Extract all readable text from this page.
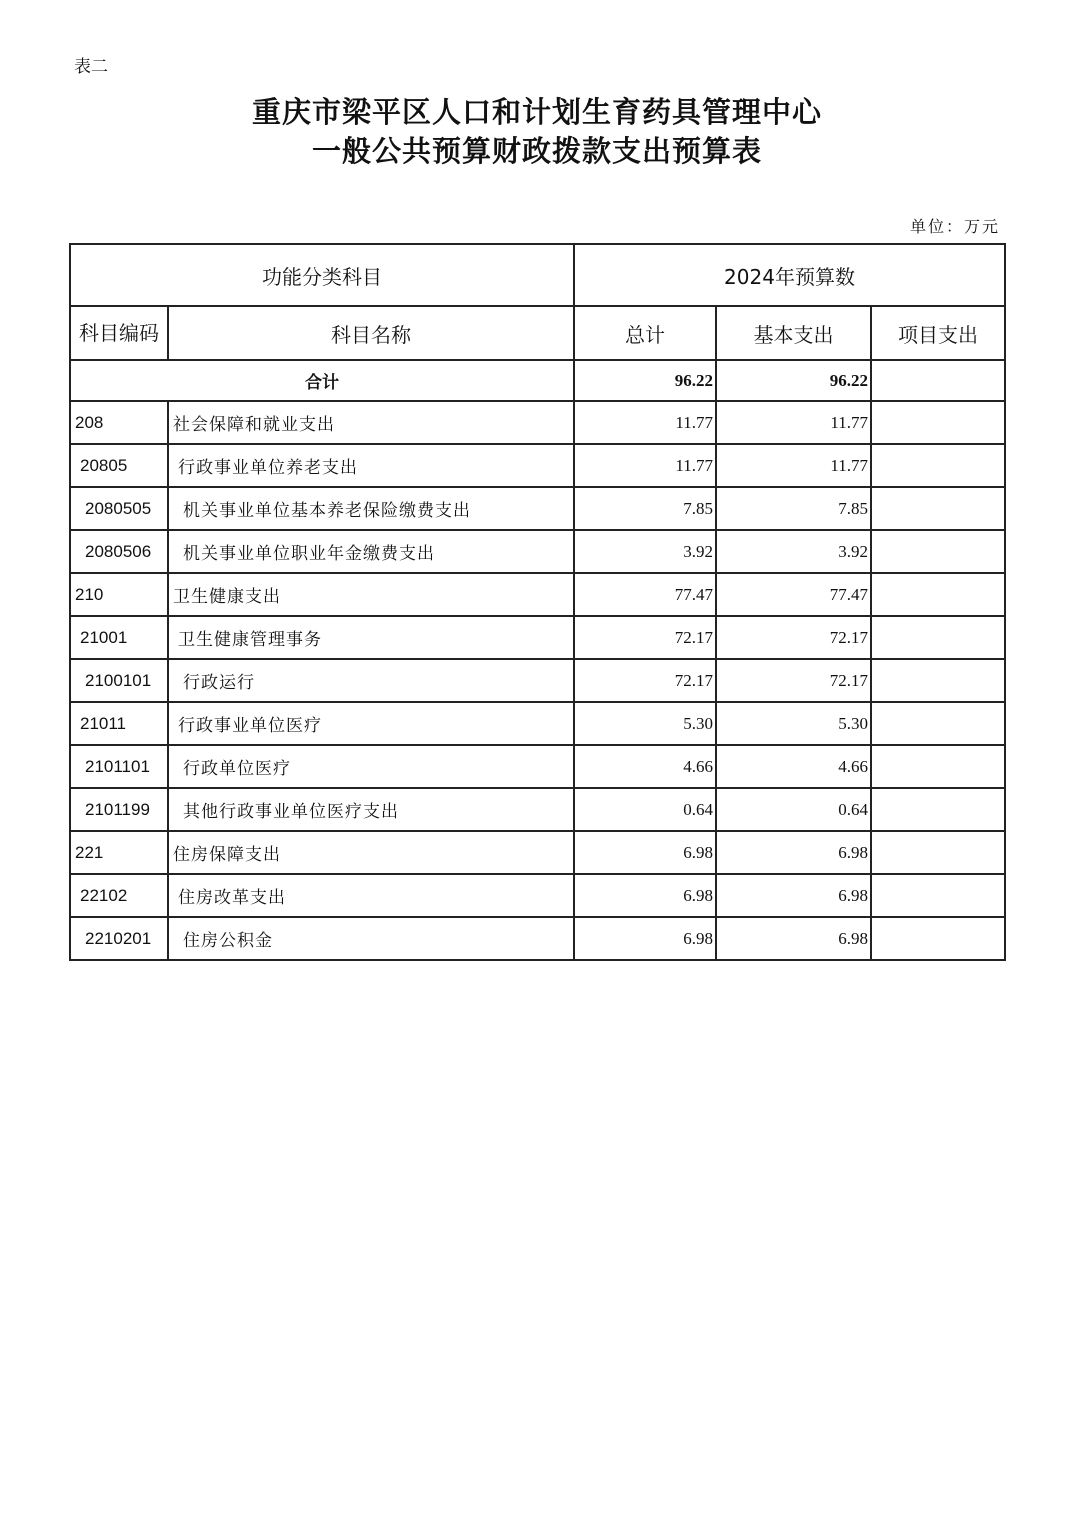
表二
重庆市梁平区人口和计划生育药具管理中心
一般公共预算财政拨款支出预算表
单位：万元
功能分类科目		2024年预算数		
科目编码	科目名称	总计	基本支出	项目支出
合计		96.22	96.22	
208	社会保障和就业支出	11.77	11.77	
20805	行政事业单位养老支出	11.77	11.77	
2080505	机关事业单位基本养老保险缴费支出	7.85	7.85	
2080506	机关事业单位职业年金缴费支出	3.92	3.92	
210	卫生健康支出	77.47	77.47	
21001	卫生健康管理事务	72.17	72.17	
2100101	行政运行	72.17	72.17	
21011	行政事业单位医疗	5.30	5.30	
2101101	行政单位医疗	4.66	4.66	
2101199	其他行政事业单位医疗支出	0.64	0.64	
221	住房保障支出	6.98	6.98	
22102	住房改革支出	6.98	6.98	
2210201	住房公积金	6.98	6.98	
